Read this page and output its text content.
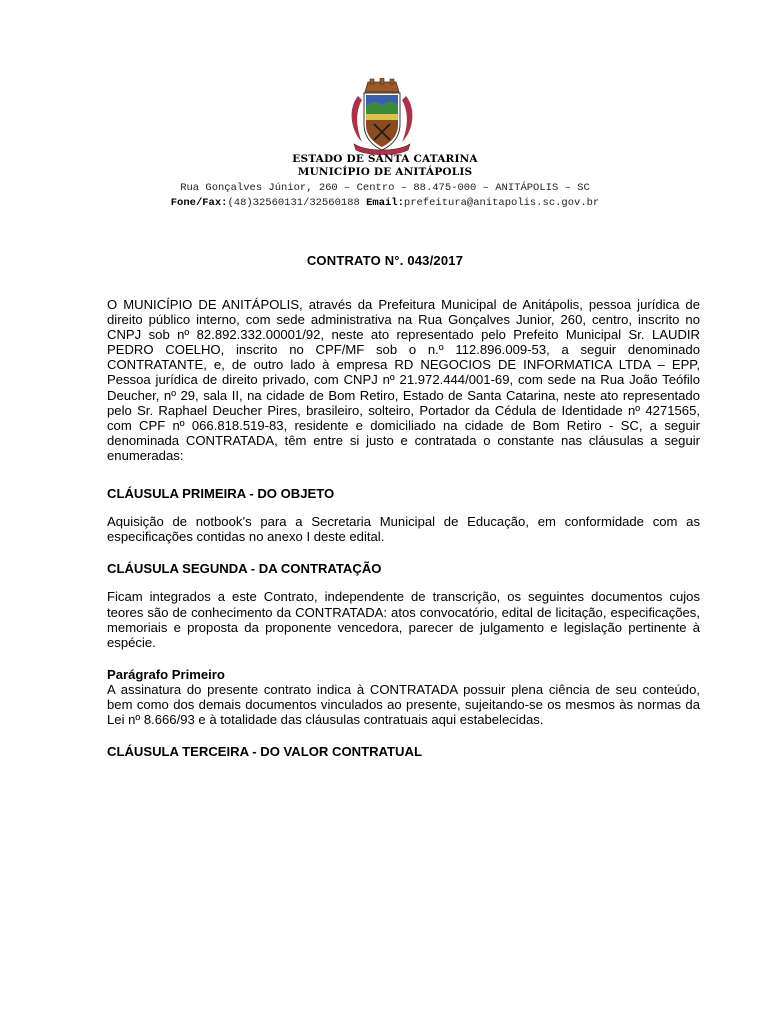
ESTADO DE SANTA CATARINA
MUNICÍPIO DE ANITÁPOLIS
Rua Gonçalves Júnior, 260 – Centro – 88.475-000 – ANITÁPOLIS – SC
Fone/Fax:(48)32560131/32560188 Email:prefeitura@anitapolis.sc.gov.br
CONTRATO N°. 043/2017

O MUNICÍPIO DE ANITÁPOLIS, através da Prefeitura Municipal de Anitápolis, pessoa jurídica de direito público interno, com sede administrativa na Rua Gonçalves Junior, 260, centro, inscrito no CNPJ sob nº 82.892.332.00001/92, neste ato representado pelo Prefeito Municipal Sr. LAUDIR PEDRO COELHO, inscrito no CPF/MF sob o n.º 112.896.009-53, a seguir denominado CONTRATANTE, e, de outro lado à empresa RD NEGOCIOS DE INFORMATICA LTDA – EPP, Pessoa jurídica de direito privado, com CNPJ nº 21.972.444/001-69, com sede na Rua João Teófilo Deucher, nº 29, sala II, na cidade de Bom Retiro, Estado de Santa Catarina, neste ato representado pelo Sr. Raphael Deucher Pires, brasileiro, solteiro, Portador da Cédula de Identidade nº 4271565, com CPF nº 066.818.519-83, residente e domiciliado na cidade de Bom Retiro - SC, a seguir denominada CONTRATADA, têm entre si justo e contratada o constante nas cláusulas a seguir enumeradas:

CLÁUSULA PRIMEIRA - DO OBJETO

Aquisição de notbook’s para a Secretaria Municipal de Educação, em conformidade com as especificações contidas no anexo I deste edital.

CLÁUSULA SEGUNDA - DA CONTRATAÇÃO

Ficam integrados a este Contrato, independente de transcrição, os seguintes documentos cujos teores são de conhecimento da CONTRATADA: atos convocatório, edital de licitação, especificações, memoriais e proposta da proponente vencedora, parecer de julgamento e legislação pertinente à espécie.

Parágrafo Primeiro

A assinatura do presente contrato indica à CONTRATADA possuir plena ciência de seu conteúdo, bem como dos demais documentos vinculados ao presente, sujeitando-se os mesmos às normas da Lei nº 8.666/93 e à totalidade das cláusulas contratuais aqui estabelecidas.

CLÁUSULA TERCEIRA - DO VALOR CONTRATUAL
